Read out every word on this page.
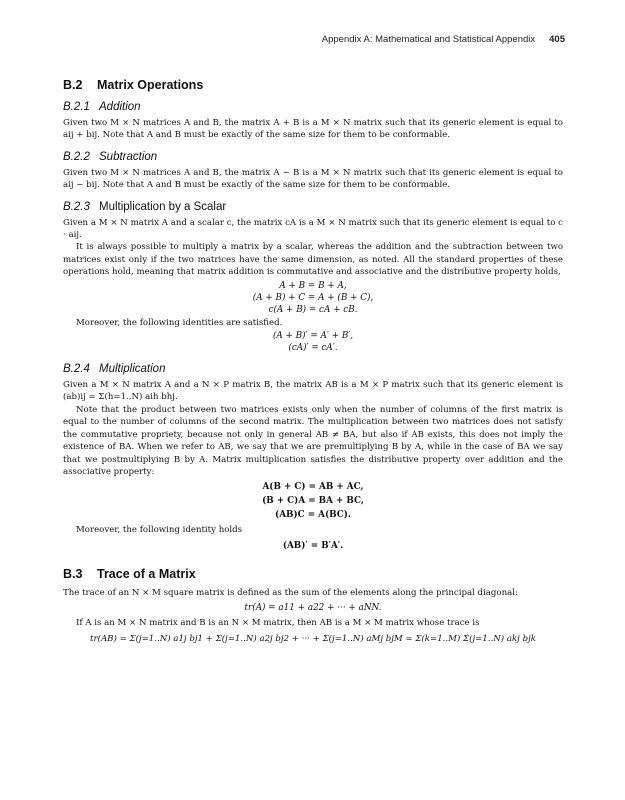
Appendix A: Mathematical and Statistical Appendix 405
B.2 Matrix Operations
B.2.1 Addition

Given two M × N matrices A and B, the matrix A + B is a M × N matrix such that its generic element is equal to aij + bij. Note that A and B must be exactly of the same size for them to be conformable.

B.2.2 Subtraction

Given two M × N matrices A and B, the matrix A − B is a M × N matrix such that its generic element is equal to aij − bij. Note that A and B must be exactly of the same size for them to be conformable.

B.2.3 Multiplication by a Scalar

Given a M × N matrix A and a scalar c, the matrix cA is a M × N matrix such that its generic element is equal to c · aij.

It is always possible to multiply a matrix by a scalar, whereas the addition and the subtraction between two matrices exist only if the two matrices have the same dimension, as noted. All the standard properties of these operations hold, meaning that matrix addition is commutative and associative and the distributive property holds,

A + B = B + A,
(A + B) + C = A + (B + C),
c(A + B) = cA + cB.

Moreover, the following identities are satisfied.

(A + B)′ = A′ + B′,
(cA)′ = cA′.
B.2.4 Multiplication

Given a M × N matrix A and a N × P matrix B, the matrix AB is a M × P matrix such that its generic element is (ab)ij = Σ(h=1..N) aih bhj.

Note that the product between two matrices exists only when the number of columns of the first matrix is equal to the number of columns of the second matrix. The multiplication between two matrices does not satisfy the commutative propriety, because not only in general AB ≠ BA, but also if AB exists, this does not imply the existence of BA. When we refer to AB, we say that we are premultiplying B by A, while in the case of BA we say that we postmultiplying B by A. Matrix multiplication satisfies the distributive property over addition and the associative property:

A(B + C) = AB + AC,
(B + C)A = BA + BC,
(AB)C = A(BC).

Moreover, the following identity holds

(AB)′ = B′A′.
B.3 Trace of a Matrix

The trace of an N × M square matrix is defined as the sum of the elements along the principal diagonal:

tr(A) = a11 + a22 + ··· + aNN.

If A is an M × N matrix and B is an N × M matrix, then AB is a M × M matrix whose trace is

tr(AB) = Σ(j=1..N) a1j bj1 + Σ(j=1..N) a2j bj2 + ··· + Σ(j=1..N) aMj bjM = Σ(k=1..M) Σ(j=1..N) akj bjk
